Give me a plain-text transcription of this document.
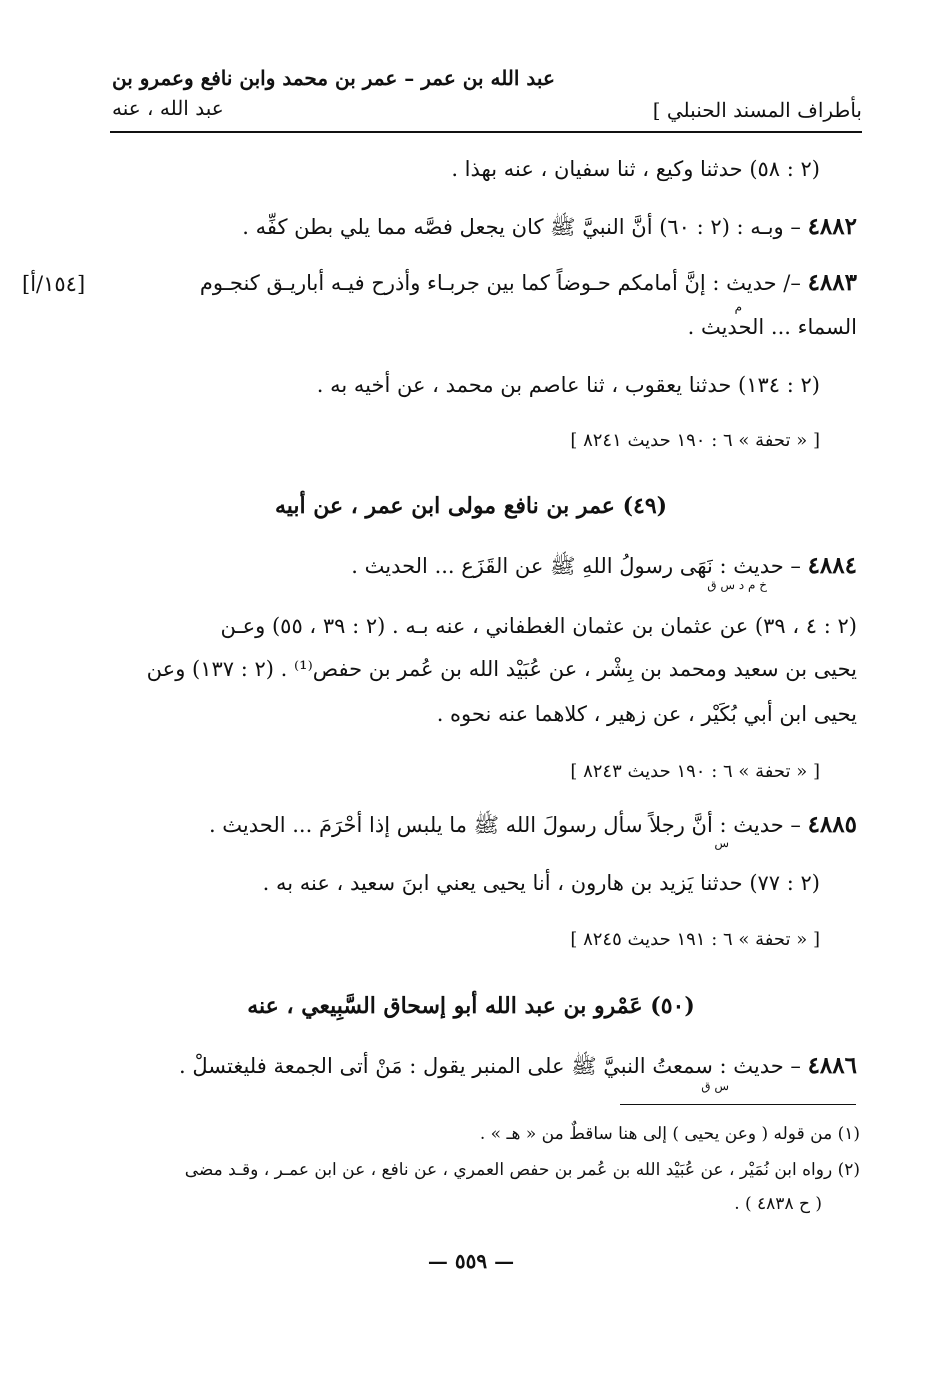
عبد الله بن عمر – عمر بن محمد وابن نافع وعمرو بن
عبد الله ، عنه	بأطراف المسند الحنبلي ]
(٢ : ٥٨) حدثنا وكيع ، ثنا سفيان ، عنه بهذا .
٤٨٨٢ – وبـه : (٢ : ٦٠) أنَّ النبيَّ ﷺ كان يجعل فصَّه مما يلي بطن كفِّه .
٤٨٨٣ –/ حديث : إنَّ أمامكم حـوضاً كما بين جربـاء وأذرح فيـه أباريـق كنجـوم
[١٥٤/أ]
م
السماء ... الحديث .
(٢ : ١٣٤) حدثنا يعقوب ، ثنا عاصم بن محمد ، عن أخيه به .
[ « تحفة » ٦ : ١٩٠ حديث ٨٢٤١ ]
(٤٩) عمر بن نافع مولى ابن عمر ، عن أبيه
٤٨٨٤ – حديث : نَهَى رسولُ اللهِ ﷺ عن القَزَع ... الحديث .
خ م د س ق
(٢ : ٤ ، ٣٩) عن عثمان بن عثمان الغطفاني ، عنه بـه . (٢ : ٣٩ ، ٥٥) وعـن
يحيى بن سعيد ومحمد بن بِشْر ، عن عُبَيْد الله بن عُمر بن حفص⁽¹⁾ . (٢ : ١٣٧) وعن
يحيى ابن أبي بُكَيْر ، عن زهير ، كلاهما عنه نحوه .
[ « تحفة » ٦ : ١٩٠ حديث ٨٢٤٣ ]
٤٨٨٥ – حديث : أنَّ رجلاً سأل رسولَ الله ﷺ ما يلبس إذا أحْرَمَ ... الحديث .
س
(٢ : ٧٧) حدثنا يَزيد بن هارون ، أنا يحيى يعني ابنَ سعيد ، عنه به .
[ « تحفة » ٦ : ١٩١ حديث ٨٢٤٥ ]
(٥٠) عَمْرو بن عبد الله أبو إسحاق السَّبِيعي ، عنه
٤٨٨٦ – حديث : سمعتُ النبيَّ ﷺ على المنبر يقول : مَنْ أتى الجمعة فليغتسلْ .
س ق
(١) من قوله ( وعن يحيى ) إلى هنا ساقطٌ من « هـ » .
(٢) رواه ابن نُمَيْر ، عن عُبَيْد الله بن عُمر بن حفص العمري ، عن نافع ، عن ابن عمـر ، وقـد مضى
( ح ٤٨٣٨ ) .
— ٥٥٩ —
